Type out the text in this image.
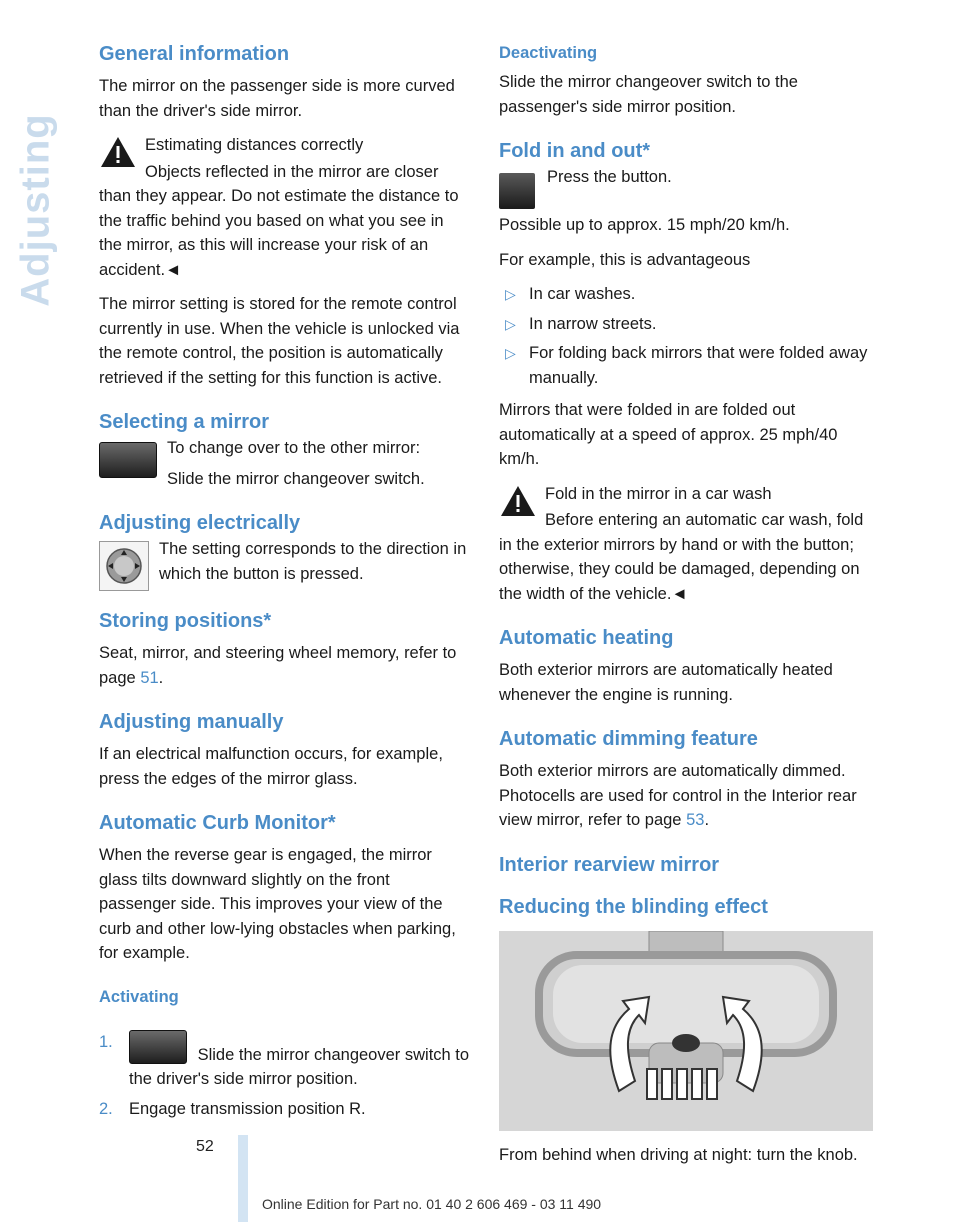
Adjusting
General information

The mirror on the passenger side is more curved than the driver's side mirror.

Estimating distances correctly

Objects reflected in the mirror are closer than they appear. Do not estimate the distance to the traffic behind you based on what you see in the mirror, as this will increase your risk of an accident.◄

The mirror setting is stored for the remote control currently in use. When the vehicle is unlocked via the remote control, the position is automatically retrieved if the setting for this function is active.

Selecting a mirror

To change over to the other mirror:

Slide the mirror changeover switch.

Adjusting electrically

The setting corresponds to the direction in which the button is pressed.

Storing positions*

Seat, mirror, and steering wheel memory, refer to page 51.

Adjusting manually

If an electrical malfunction occurs, for example, press the edges of the mirror glass.

Automatic Curb Monitor*

When the reverse gear is engaged, the mirror glass tilts downward slightly on the front passenger side. This improves your view of the curb and other low-lying obstacles when parking, for example.

Activating
1.
Slide the mirror changeover switch to the driver's side mirror position.
2. Engage transmission position R.
Deactivating

Slide the mirror changeover switch to the passenger's side mirror position.

Fold in and out*

Press the button.

Possible up to approx. 15 mph/20 km/h.

For example, this is advantageous

▷ In car washes.
▷ In narrow streets.
▷ For folding back mirrors that were folded away manually.

Mirrors that were folded in are folded out automatically at a speed of approx. 25 mph/40 km/h.

Fold in the mirror in a car wash

Before entering an automatic car wash, fold in the exterior mirrors by hand or with the button; otherwise, they could be damaged, depending on the width of the vehicle.◄

Automatic heating

Both exterior mirrors are automatically heated whenever the engine is running.

Automatic dimming feature

Both exterior mirrors are automatically dimmed. Photocells are used for control in the Interior rear view mirror, refer to page 53.

Interior rearview mirror
Reducing the blinding effect

From behind when driving at night: turn the knob.

52
Online Edition for Part no. 01 40 2 606 469 - 03 11 490
